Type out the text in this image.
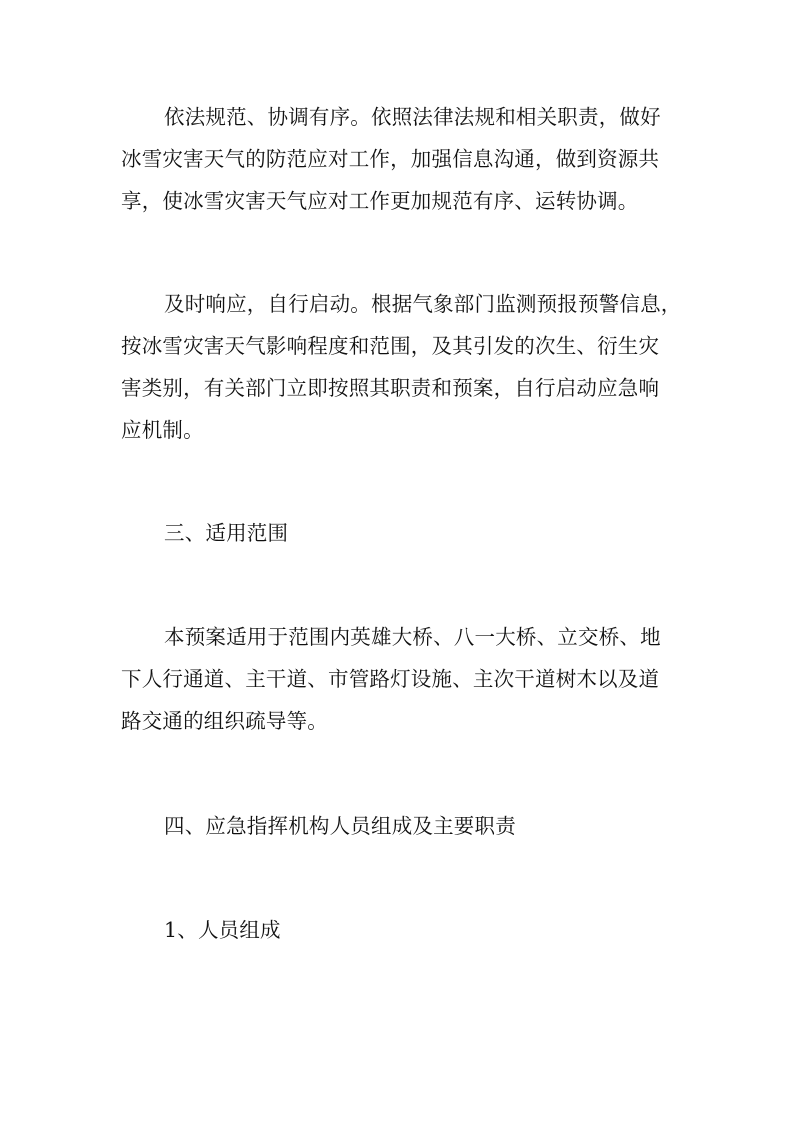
依法规范、协调有序。依照法律法规和相关职责，做好
冰雪灾害天气的防范应对工作，加强信息沟通，做到资源共
享，使冰雪灾害天气应对工作更加规范有序、运转协调。
及时响应，自行启动。根据气象部门监测预报预警信息，
按冰雪灾害天气影响程度和范围，及其引发的次生、衍生灾
害类别，有关部门立即按照其职责和预案，自行启动应急响
应机制。
三、适用范围
本预案适用于范围内英雄大桥、八一大桥、立交桥、地
下人行通道、主干道、市管路灯设施、主次干道树木以及道
路交通的组织疏导等。
四、应急指挥机构人员组成及主要职责
1、人员组成
